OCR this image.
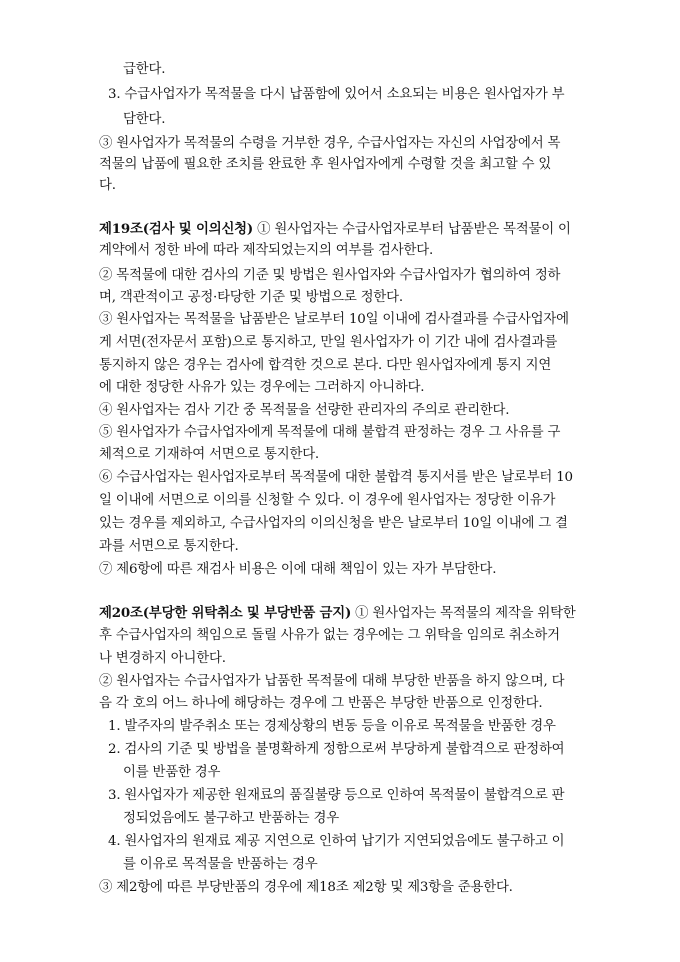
급한다.
3. 수급사업자가 목적물을 다시 납품함에 있어서 소요되는 비용은 원사업자가 부
담한다.
③ 원사업자가 목적물의 수령을 거부한 경우, 수급사업자는 자신의 사업장에서 목
적물의 납품에 필요한 조치를 완료한 후 원사업자에게 수령할 것을 최고할 수 있
다.
제19조(검사 및 이의신청) ① 원사업자는 수급사업자로부터 납품받은 목적물이 이
계약에서 정한 바에 따라 제작되었는지의 여부를 검사한다.
② 목적물에 대한 검사의 기준 및 방법은 원사업자와 수급사업자가 협의하여 정하
며, 객관적이고 공정·타당한 기준 및 방법으로 정한다.
③ 원사업자는 목적물을 납품받은 날로부터 10일 이내에 검사결과를 수급사업자에
게 서면(전자문서 포함)으로 통지하고, 만일 원사업자가 이 기간 내에 검사결과를
통지하지 않은 경우는 검사에 합격한 것으로 본다. 다만 원사업자에게 통지 지연
에 대한 정당한 사유가 있는 경우에는 그러하지 아니하다.
④ 원사업자는 검사 기간 중 목적물을 선량한 관리자의 주의로 관리한다.
⑤ 원사업자가 수급사업자에게 목적물에 대해 불합격 판정하는 경우 그 사유를 구
체적으로 기재하여 서면으로 통지한다.
⑥ 수급사업자는 원사업자로부터 목적물에 대한 불합격 통지서를 받은 날로부터 10
일 이내에 서면으로 이의를 신청할 수 있다. 이 경우에 원사업자는 정당한 이유가
있는 경우를 제외하고, 수급사업자의 이의신청을 받은 날로부터 10일 이내에 그 결
과를 서면으로 통지한다.
⑦ 제6항에 따른 재검사 비용은 이에 대해 책임이 있는 자가 부담한다.
제20조(부당한 위탁취소 및 부당반품 금지) ① 원사업자는 목적물의 제작을 위탁한
후 수급사업자의 책임으로 돌릴 사유가 없는 경우에는 그 위탁을 임의로 취소하거
나 변경하지 아니한다.
② 원사업자는 수급사업자가 납품한 목적물에 대해 부당한 반품을 하지 않으며, 다
음 각 호의 어느 하나에 해당하는 경우에 그 반품은 부당한 반품으로 인정한다.
1. 발주자의 발주취소 또는 경제상황의 변동 등을 이유로 목적물을 반품한 경우
2. 검사의 기준 및 방법을 불명확하게 정함으로써 부당하게 불합격으로 판정하여
이를 반품한 경우
3. 원사업자가 제공한 원재료의 품질불량 등으로 인하여 목적물이 불합격으로 판
정되었음에도 불구하고 반품하는 경우
4. 원사업자의 원재료 제공 지연으로 인하여 납기가 지연되었음에도 불구하고 이
를 이유로 목적물을 반품하는 경우
③ 제2항에 따른 부당반품의 경우에 제18조 제2항 및 제3항을 준용한다.
